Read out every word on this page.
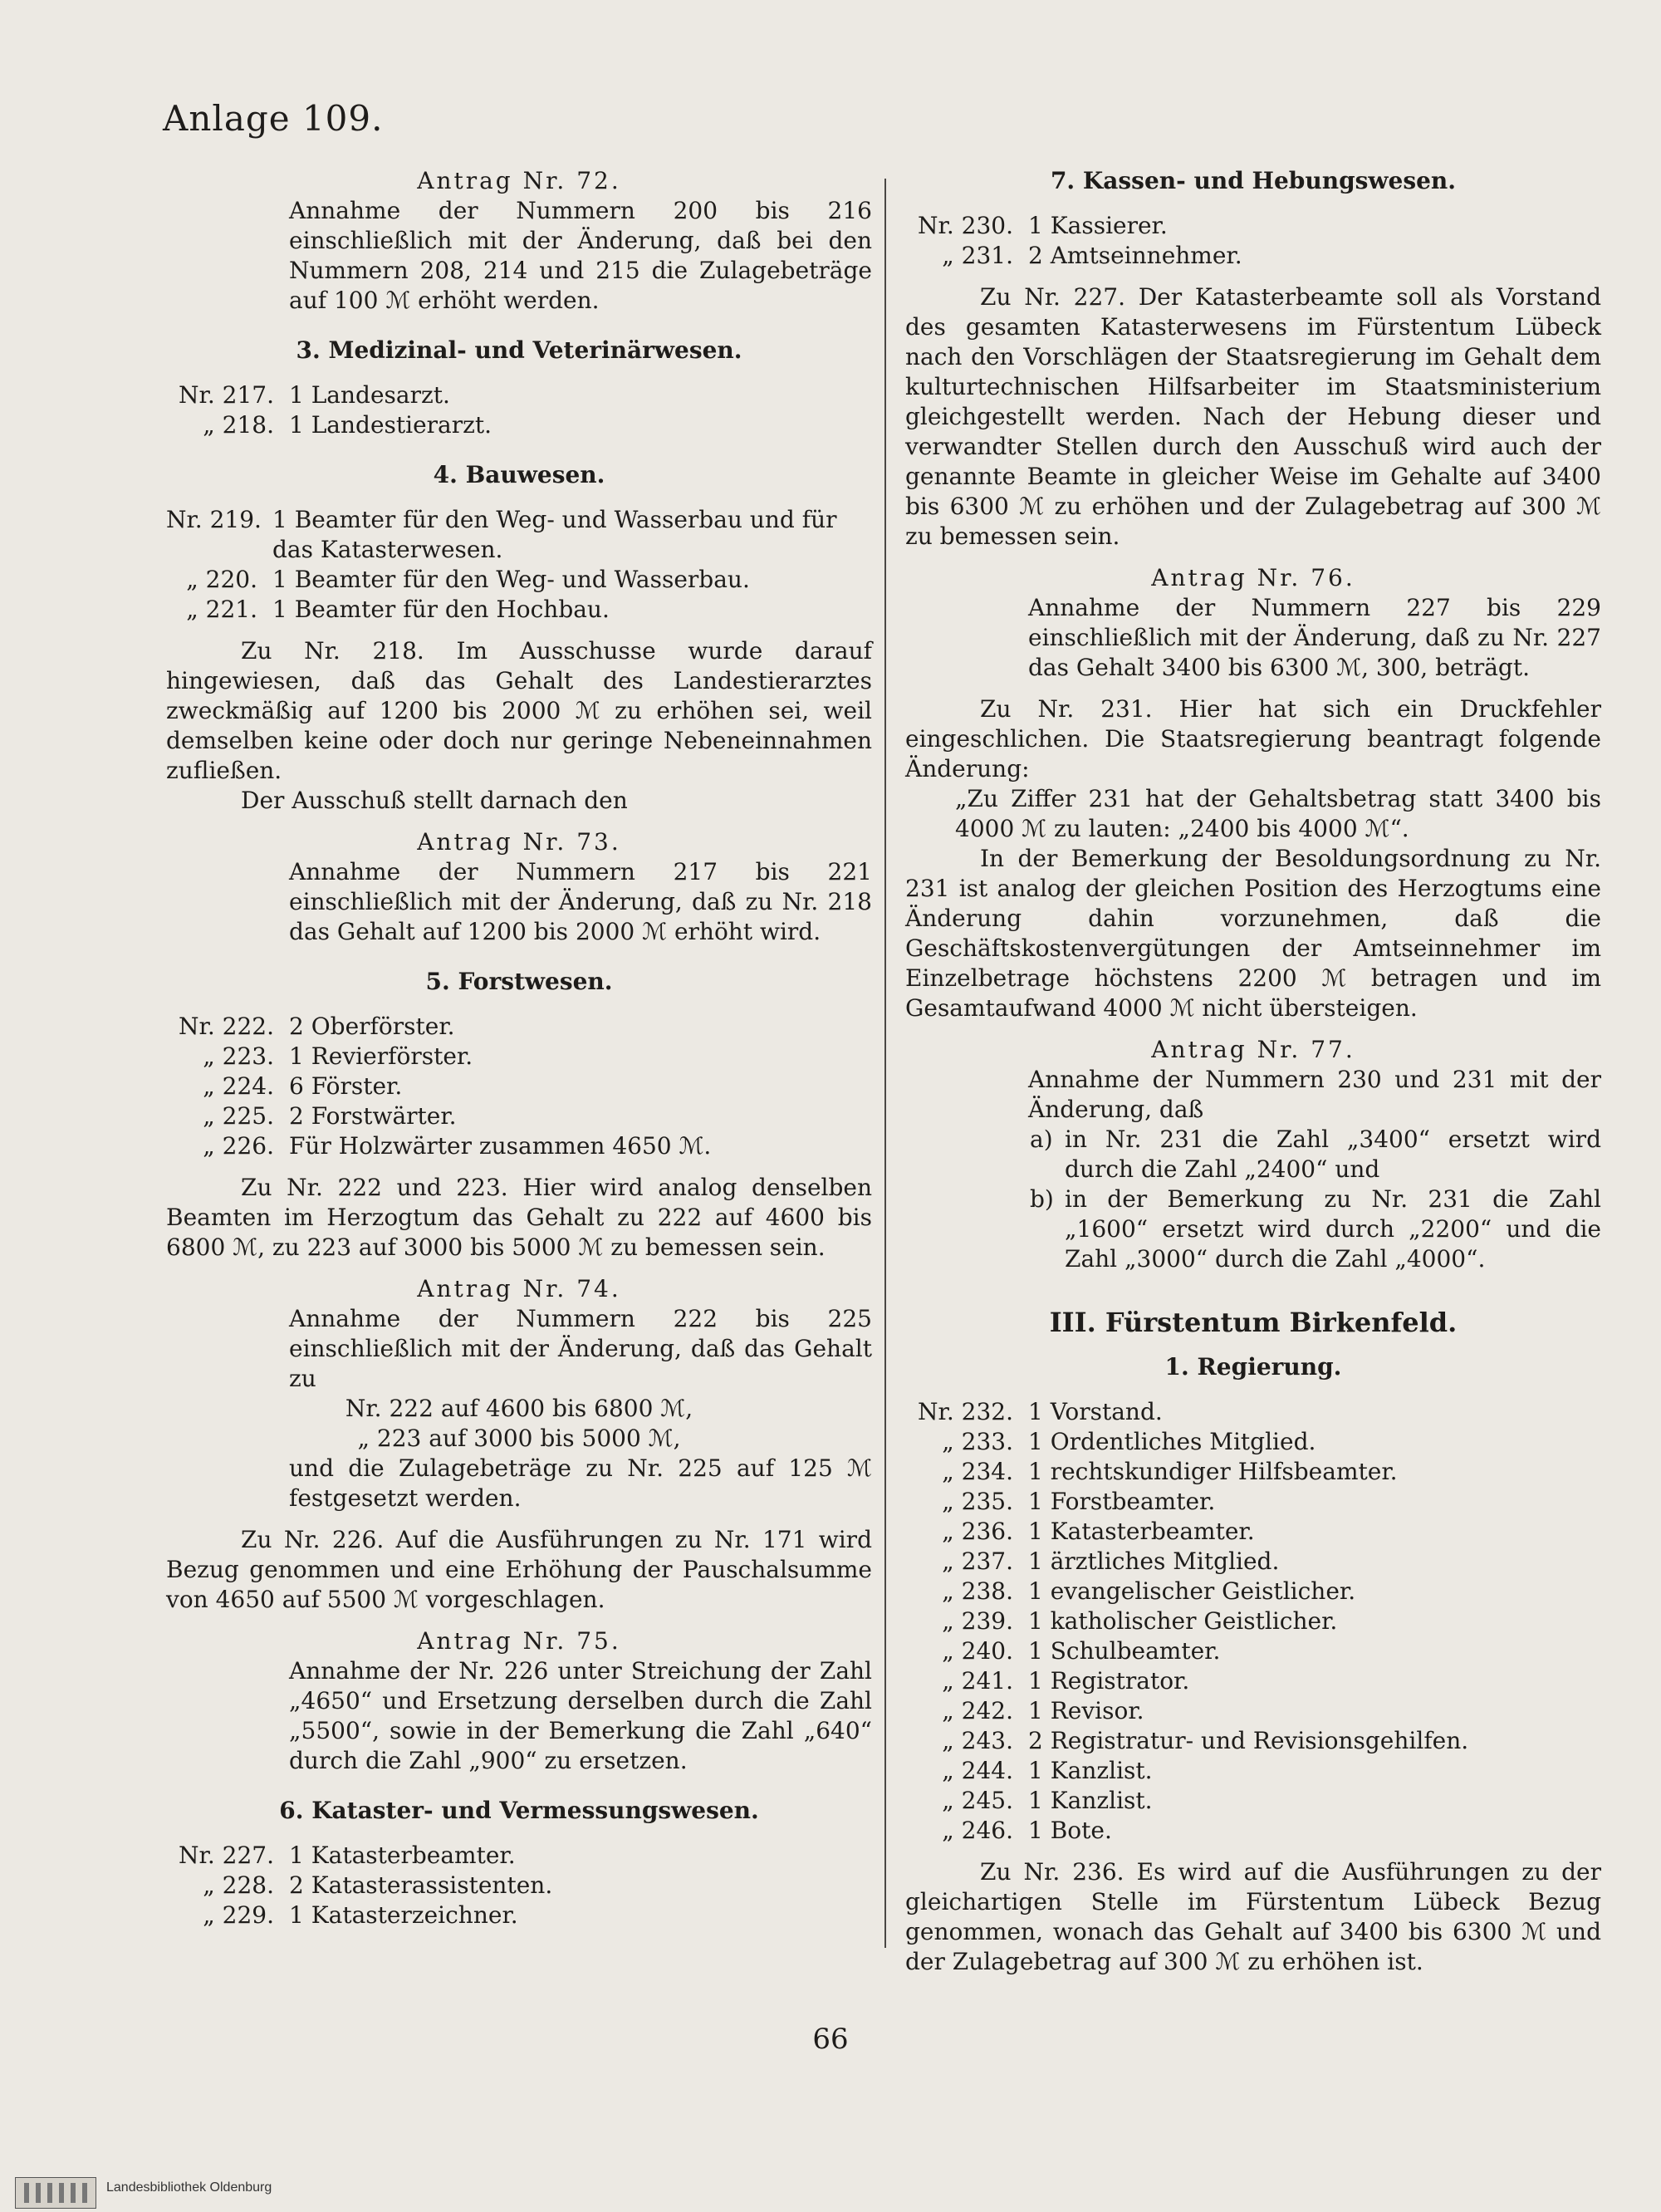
Anlage 109.

Antrag Nr. 72.

Annahme der Nummern 200 bis 216 einschließlich mit der Änderung, daß bei den Nummern 208, 214 und 215 die Zulagebeträge auf 100 ℳ erhöht werden.

3. Medizinal- und Veterinärwesen.

Nr. 217. 1 Landesarzt.
„ 218. 1 Landestierarzt.

4. Bauwesen.

Nr. 219. 1 Beamter für den Weg- und Wasserbau und für das Katasterwesen.
„ 220. 1 Beamter für den Weg- und Wasserbau.
„ 221. 1 Beamter für den Hochbau.

Zu Nr. 218. Im Ausschusse wurde darauf hingewiesen, daß das Gehalt des Landestierarztes zweckmäßig auf 1200 bis 2000 ℳ zu erhöhen sei, weil demselben keine oder doch nur geringe Nebeneinnahmen zufließen.

Der Ausschuß stellt darnach den

Antrag Nr. 73.

Annahme der Nummern 217 bis 221 einschließlich mit der Änderung, daß zu Nr. 218 das Gehalt auf 1200 bis 2000 ℳ erhöht wird.

5. Forstwesen.

Nr. 222. 2 Oberförster.
„ 223. 1 Revierförster.
„ 224. 6 Förster.
„ 225. 2 Forstwärter.
„ 226. Für Holzwärter zusammen 4650 ℳ.

Zu Nr. 222 und 223. Hier wird analog denselben Beamten im Herzogtum das Gehalt zu 222 auf 4600 bis 6800 ℳ, zu 223 auf 3000 bis 5000 ℳ zu bemessen sein.

Antrag Nr. 74.

Annahme der Nummern 222 bis 225 einschließlich mit der Änderung, daß das Gehalt zu

Nr. 222 auf 4600 bis 6800 ℳ,

„ 223 auf 3000 bis 5000 ℳ,

und die Zulagebeträge zu Nr. 225 auf 125 ℳ festgesetzt werden.

Zu Nr. 226. Auf die Ausführungen zu Nr. 171 wird Bezug genommen und eine Erhöhung der Pauschalsumme von 4650 auf 5500 ℳ vorgeschlagen.

Antrag Nr. 75.

Annahme der Nr. 226 unter Streichung der Zahl „4650“ und Ersetzung derselben durch die Zahl „5500“, sowie in der Bemerkung die Zahl „640“ durch die Zahl „900“ zu ersetzen.

6. Kataster- und Vermessungswesen.

Nr. 227. 1 Katasterbeamter.
„ 228. 2 Katasterassistenten.
„ 229. 1 Katasterzeichner.

7. Kassen- und Hebungswesen.

Nr. 230. 1 Kassierer.
„ 231. 2 Amtseinnehmer.

Zu Nr. 227. Der Katasterbeamte soll als Vorstand des gesamten Katasterwesens im Fürstentum Lübeck nach den Vorschlägen der Staatsregierung im Gehalt dem kulturtechnischen Hilfsarbeiter im Staatsministerium gleichgestellt werden. Nach der Hebung dieser und verwandter Stellen durch den Ausschuß wird auch der genannte Beamte in gleicher Weise im Gehalte auf 3400 bis 6300 ℳ zu erhöhen und der Zulagebetrag auf 300 ℳ zu bemessen sein.

Antrag Nr. 76.

Annahme der Nummern 227 bis 229 einschließlich mit der Änderung, daß zu Nr. 227 das Gehalt 3400 bis 6300 ℳ, 300, beträgt.

Zu Nr. 231. Hier hat sich ein Druckfehler eingeschlichen. Die Staatsregierung beantragt folgende Änderung:

„Zu Ziffer 231 hat der Gehaltsbetrag statt 3400 bis 4000 ℳ zu lauten: „2400 bis 4000 ℳ“.

In der Bemerkung der Besoldungsordnung zu Nr. 231 ist analog der gleichen Position des Herzogtums eine Änderung dahin vorzunehmen, daß die Geschäftskostenvergütungen der Amtseinnehmer im Einzelbetrage höchstens 2200 ℳ betragen und im Gesamtaufwand 4000 ℳ nicht übersteigen.

Antrag Nr. 77.

Annahme der Nummern 230 und 231 mit der Änderung, daß

a) in Nr. 231 die Zahl „3400“ ersetzt wird durch die Zahl „2400“ und
b) in der Bemerkung zu Nr. 231 die Zahl „1600“ ersetzt wird durch „2200“ und die Zahl „3000“ durch die Zahl „4000“.

III. Fürstentum Birkenfeld.

1. Regierung.

Nr. 232. 1 Vorstand.
„ 233. 1 Ordentliches Mitglied.
„ 234. 1 rechtskundiger Hilfsbeamter.
„ 235. 1 Forstbeamter.
„ 236. 1 Katasterbeamter.
„ 237. 1 ärztliches Mitglied.
„ 238. 1 evangelischer Geistlicher.
„ 239. 1 katholischer Geistlicher.
„ 240. 1 Schulbeamter.
„ 241. 1 Registrator.
„ 242. 1 Revisor.
„ 243. 2 Registratur- und Revisionsgehilfen.
„ 244. 1 Kanzlist.
„ 245. 1 Kanzlist.
„ 246. 1 Bote.

Zu Nr. 236. Es wird auf die Ausführungen zu der gleichartigen Stelle im Fürstentum Lübeck Bezug genommen, wonach das Gehalt auf 3400 bis 6300 ℳ und der Zulagebetrag auf 300 ℳ zu erhöhen ist.

66
Landesbibliothek Oldenburg
